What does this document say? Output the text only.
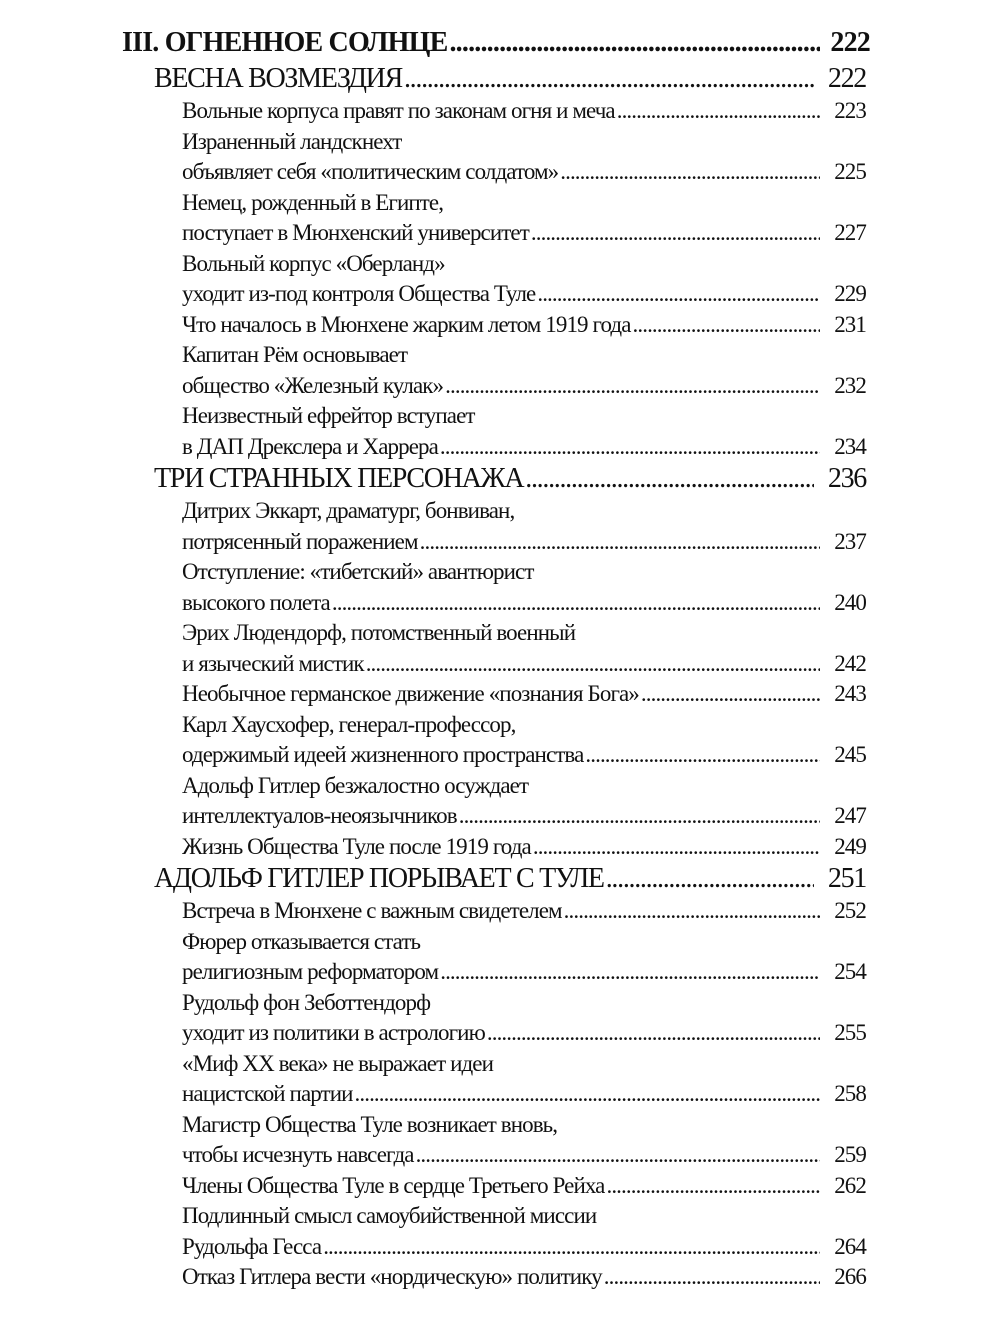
III. ОГНЕННОЕ СОЛНЦЕ .....	222
ВЕСНА ВОЗМЕЗДИЯ .....	222
Вольные корпуса правят по законам огня и меча .....	223
Израненный ландскнехт
объявляет себя «политическим солдатом» .....	225
Немец, рожденный в Египте,
поступает в Мюнхенский университет .....	227
Вольный корпус «Оберланд»
уходит из-под контроля Общества Туле .....	229
Что началось в Мюнхене жарким летом 1919 года .....	231
Капитан Рём основывает
общество «Железный кулак» .....	232
Неизвестный ефрейтор вступает
в ДАП Дрекслера и Харрера .....	234
ТРИ СТРАННЫХ ПЕРСОНАЖА .....	236
Дитрих Эккарт, драматург, бонвиван,
потрясенный поражением .....	237
Отступление: «тибетский» авантюрист
высокого полета .....	240
Эрих Людендорф, потомственный военный
и языческий мистик .....	242
Необычное германское движение «познания Бога» .....	243
Карл Хаусхофер, генерал-профессор,
одержимый идеей жизненного пространства .....	245
Адольф Гитлер безжалостно осуждает
интеллектуалов-неоязычников .....	247
Жизнь Общества Туле после 1919 года .....	249
АДОЛЬФ ГИТЛЕР ПОРЫВАЕТ С ТУЛЕ .....	251
Встреча в Мюнхене с важным свидетелем .....	252
Фюрер отказывается стать
религиозным реформатором .....	254
Рудольф фон Зеботтендорф
уходит из политики в астрологию .....	255
«Миф XX века» не выражает идеи
нацистской партии .....	258
Магистр Общества Туле возникает вновь,
чтобы исчезнуть навсегда .....	259
Члены Общества Туле в сердце Третьего Рейха .....	262
Подлинный смысл самоубийственной миссии
Рудольфа Гесса .....	264
Отказ Гитлера вести «нордическую» политику .....	266
